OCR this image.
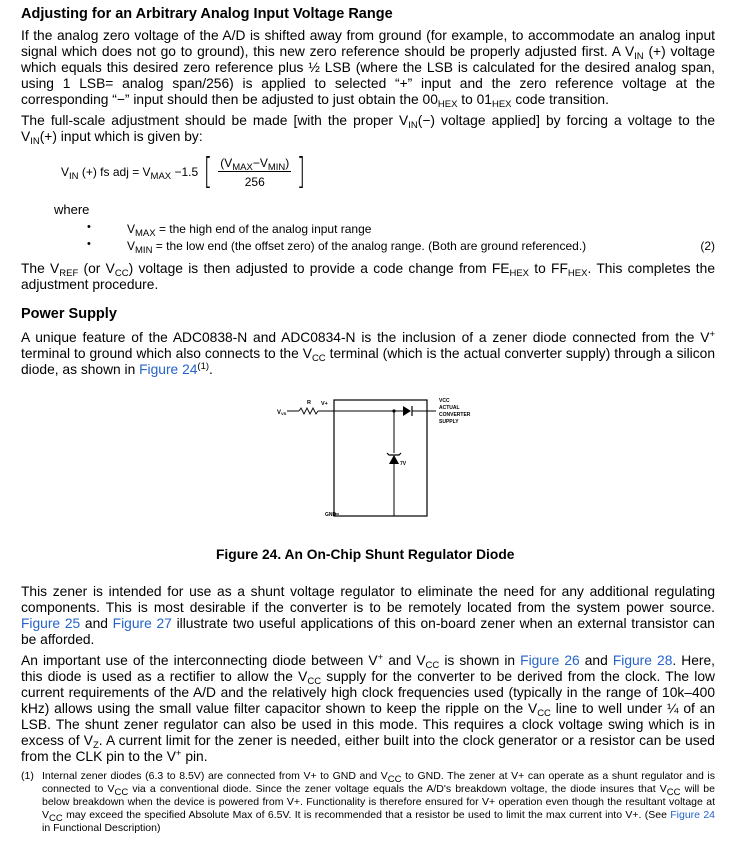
Adjusting for an Arbitrary Analog Input Voltage Range

If the analog zero voltage of the A/D is shifted away from ground (for example, to accommodate an analog input signal which does not go to ground), this new zero reference should be properly adjusted first. A $V_{IN}$ (+) voltage which equals this desired zero reference plus ½ LSB (where the LSB is calculated for the desired analog span, using 1 LSB= analog span/256) is applied to selected “+” input and the zero reference voltage at the corresponding “−” input should then be adjusted to just obtain the $00_{HEX}$ to $01_{HEX}$ code transition.

The full-scale adjustment should be made [with the proper $V_{IN}(-)$ voltage applied] by forcing a voltage to the $V_{IN}(+)$ input which is given by:

$V_{IN}$ (+) fs adj = $V_{MAX} -1.5$ [ $\frac{(V_{MAX}-V_{MIN})}{256}$ ]
where
•	$V_{MAX}$ = the high end of the analog input range
•	$V_{MIN}$ = the low end (the offset zero) of the analog range. (Both are ground referenced.)	(2)

The $V_{REF}$ (or $V_{CC}$) voltage is then adjusted to provide a code change from $FE_{HEX}$ to $FF_{HEX}$. This completes the adjustment procedure.

Power Supply

A unique feature of the ADC0838-N and ADC0834-N is the inclusion of a zener diode connected from the V+ terminal to ground which also connects to the $V_{CC}$ terminal (which is the actual converter supply) through a silicon diode, as shown in Figure 24$^{(1)}$.

VVS
R V+	VCC
ACTUAL
CONVERTER
SUPPLY
7V
GND
Figure 24. An On-Chip Shunt Regulator Diode

This zener is intended for use as a shunt voltage regulator to eliminate the need for any additional regulating components. This is most desirable if the converter is to be remotely located from the system power source. Figure 25 and Figure 27 illustrate two useful applications of this on-board zener when an external transistor can be afforded.

An important use of the interconnecting diode between V+ and $V_{CC}$ is shown in Figure 26 and Figure 28. Here, this diode is used as a rectifier to allow the $V_{CC}$ supply for the converter to be derived from the clock. The low current requirements of the A/D and the relatively high clock frequencies used (typically in the range of 10k–400 kHz) allows using the small value filter capacitor shown to keep the ripple on the $V_{CC}$ line to well under ¼ of an LSB. The shunt zener regulator can also be used in this mode. This requires a clock voltage swing which is in excess of $V_Z$. A current limit for the zener is needed, either built into the clock generator or a resistor can be used from the CLK pin to the V+ pin.

(1) Internal zener diodes (6.3 to 8.5V) are connected from V+ to GND and $V_{CC}$ to GND. The zener at V+ can operate as a shunt regulator and is connected to $V_{CC}$ via a conventional diode. Since the zener voltage equals the A/D's breakdown voltage, the diode insures that $V_{CC}$ will be below breakdown when the device is powered from V+. Functionality is therefore ensured for V+ operation even though the resultant voltage at $V_{CC}$ may exceed the specified Absolute Max of 6.5V. It is recommended that a resistor be used to limit the max current into V+. (See Figure 24 in Functional Description)
